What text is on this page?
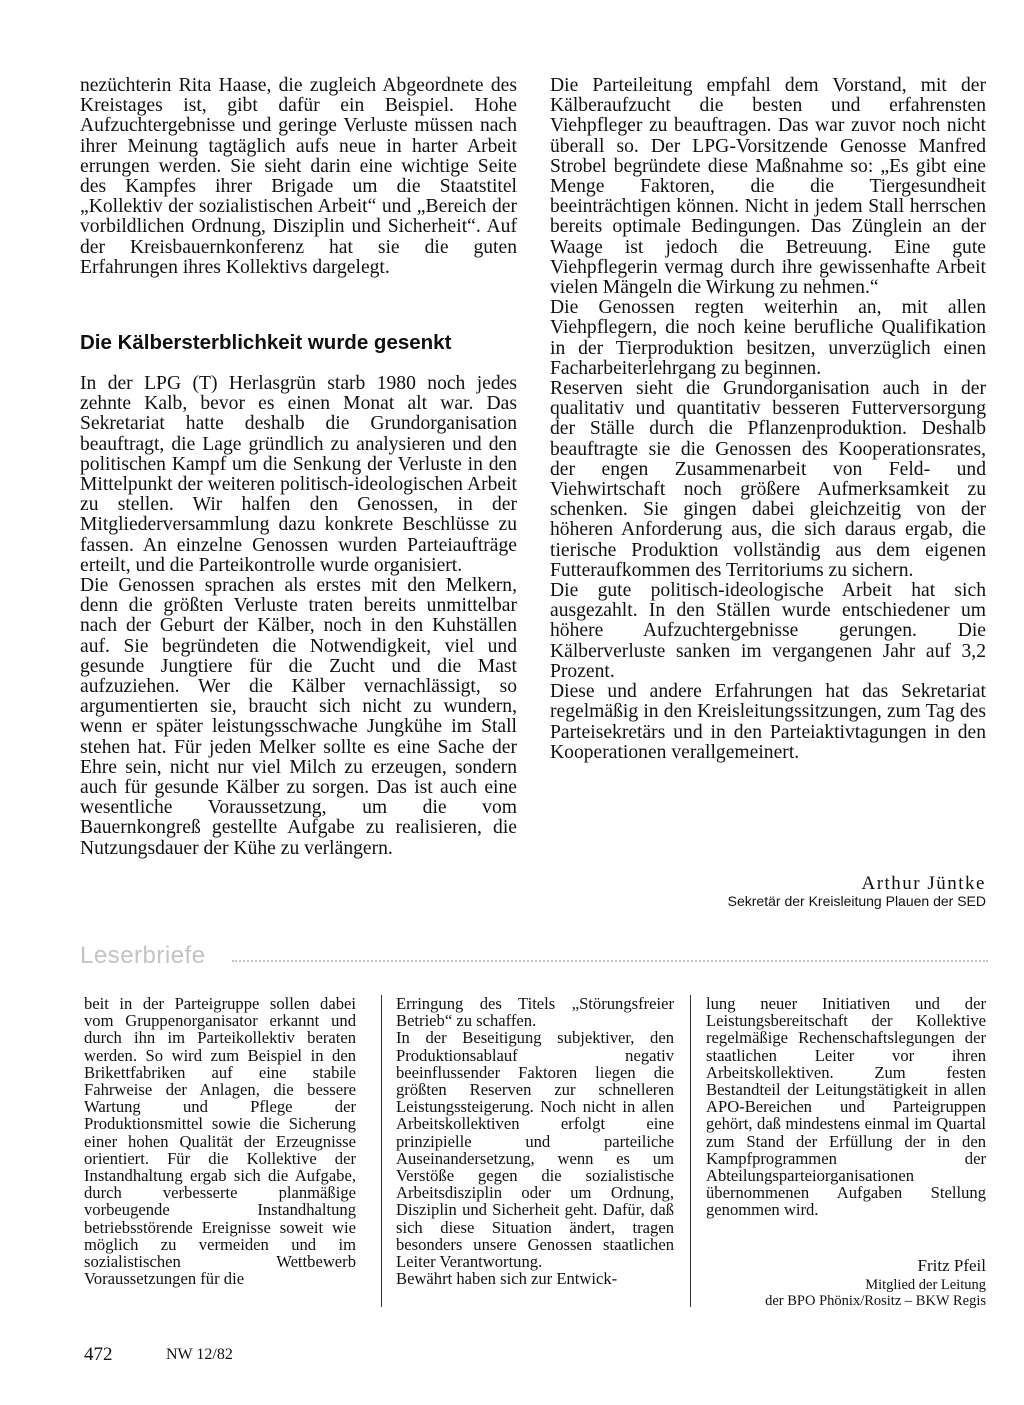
nezüchterin Rita Haase, die zugleich Abgeordnete des Kreistages ist, gibt dafür ein Beispiel. Hohe Aufzuchtergebnisse und geringe Verluste müssen nach ihrer Meinung tagtäglich aufs neue in harter Arbeit errungen werden. Sie sieht darin eine wichtige Seite des Kampfes ihrer Brigade um die Staatstitel „Kollektiv der sozialistischen Arbeit“ und „Bereich der vorbildlichen Ordnung, Disziplin und Sicherheit“. Auf der Kreisbauernkonferenz hat sie die guten Erfahrungen ihres Kollektivs dargelegt.

Die Kälbersterblichkeit wurde gesenkt

In der LPG (T) Herlasgrün starb 1980 noch jedes zehnte Kalb, bevor es einen Monat alt war. Das Sekretariat hatte deshalb die Grundorganisation beauftragt, die Lage gründlich zu analysieren und den politischen Kampf um die Senkung der Verluste in den Mittelpunkt der weiteren politisch-ideologischen Arbeit zu stellen. Wir halfen den Genossen, in der Mitgliederversammlung dazu konkrete Beschlüsse zu fassen. An einzelne Genossen wurden Parteiaufträge erteilt, und die Parteikontrolle wurde organisiert.

Die Genossen sprachen als erstes mit den Melkern, denn die größten Verluste traten bereits unmittelbar nach der Geburt der Kälber, noch in den Kuhställen auf. Sie begründeten die Notwendigkeit, viel und gesunde Jungtiere für die Zucht und die Mast aufzuziehen. Wer die Kälber vernachlässigt, so argumentierten sie, braucht sich nicht zu wundern, wenn er später leistungsschwache Jungkühe im Stall stehen hat. Für jeden Melker sollte es eine Sache der Ehre sein, nicht nur viel Milch zu erzeugen, sondern auch für gesunde Kälber zu sorgen. Das ist auch eine wesentliche Voraussetzung, um die vom Bauernkongreß gestellte Aufgabe zu realisieren, die Nutzungsdauer der Kühe zu verlängern.

Die Parteileitung empfahl dem Vorstand, mit der Kälberaufzucht die besten und erfahrensten Viehpfleger zu beauftragen. Das war zuvor noch nicht überall so. Der LPG-Vorsitzende Genosse Manfred Strobel begründete diese Maßnahme so: „Es gibt eine Menge Faktoren, die die Tiergesundheit beeinträchtigen können. Nicht in jedem Stall herrschen bereits optimale Bedingungen. Das Zünglein an der Waage ist jedoch die Betreuung. Eine gute Viehpflegerin vermag durch ihre gewissenhafte Arbeit vielen Mängeln die Wirkung zu nehmen.“

Die Genossen regten weiterhin an, mit allen Viehpflegern, die noch keine berufliche Qualifikation in der Tierproduktion besitzen, unverzüglich einen Facharbeiterlehrgang zu beginnen.

Reserven sieht die Grundorganisation auch in der qualitativ und quantitativ besseren Futterversorgung der Ställe durch die Pflanzenproduktion. Deshalb beauftragte sie die Genossen des Kooperationsrates, der engen Zusammenarbeit von Feld- und Viehwirtschaft noch größere Aufmerksamkeit zu schenken. Sie gingen dabei gleichzeitig von der höheren Anforderung aus, die sich daraus ergab, die tierische Produktion vollständig aus dem eigenen Futteraufkommen des Territoriums zu sichern.

Die gute politisch-ideologische Arbeit hat sich ausgezahlt. In den Ställen wurde entschiedener um höhere Aufzuchtergebnisse gerungen. Die Kälberverluste sanken im vergangenen Jahr auf 3,2 Prozent.

Diese und andere Erfahrungen hat das Sekretariat regelmäßig in den Kreisleitungssitzungen, zum Tag des Parteisekretärs und in den Parteiaktivtagungen in den Kooperationen verallgemeinert.

Arthur Jüntke
Sekretär der Kreisleitung Plauen der SED
Leserbriefe

beit in der Parteigruppe sollen dabei vom Gruppenorganisator erkannt und durch ihn im Parteikollektiv beraten werden. So wird zum Beispiel in den Brikettfabriken auf eine stabile Fahrweise der Anlagen, die bessere Wartung und Pflege der Produktionsmittel sowie die Sicherung einer hohen Qualität der Erzeugnisse orientiert. Für die Kollektive der Instandhaltung ergab sich die Aufgabe, durch verbesserte planmäßige vorbeugende Instandhaltung betriebsstörende Ereignisse soweit wie möglich zu vermeiden und im sozialistischen Wettbewerb Voraussetzungen für die

Erringung des Titels „Störungsfreier Betrieb“ zu schaffen.

In der Beseitigung subjektiver, den Produktionsablauf negativ beeinflussender Faktoren liegen die größten Reserven zur schnelleren Leistungssteigerung. Noch nicht in allen Arbeitskollektiven erfolgt eine prinzipielle und parteiliche Auseinandersetzung, wenn es um Verstöße gegen die sozialistische Arbeitsdisziplin oder um Ordnung, Disziplin und Sicherheit geht. Dafür, daß sich diese Situation ändert, tragen besonders unsere Genossen staatlichen Leiter Verantwortung.

Bewährt haben sich zur Entwick-

lung neuer Initiativen und der Leistungsbereitschaft der Kollektive regelmäßige Rechenschaftslegungen der staatlichen Leiter vor ihren Arbeitskollektiven. Zum festen Bestandteil der Leitungstätigkeit in allen APO-Bereichen und Parteigruppen gehört, daß mindestens einmal im Quartal zum Stand der Erfüllung der in den Kampfprogrammen der Abteilungsparteiorganisationen übernommenen Aufgaben Stellung genommen wird.

Fritz Pfeil
Mitglied der Leitung
der BPO Phönix/Rositz – BKW Regis
472	NW 12/82
